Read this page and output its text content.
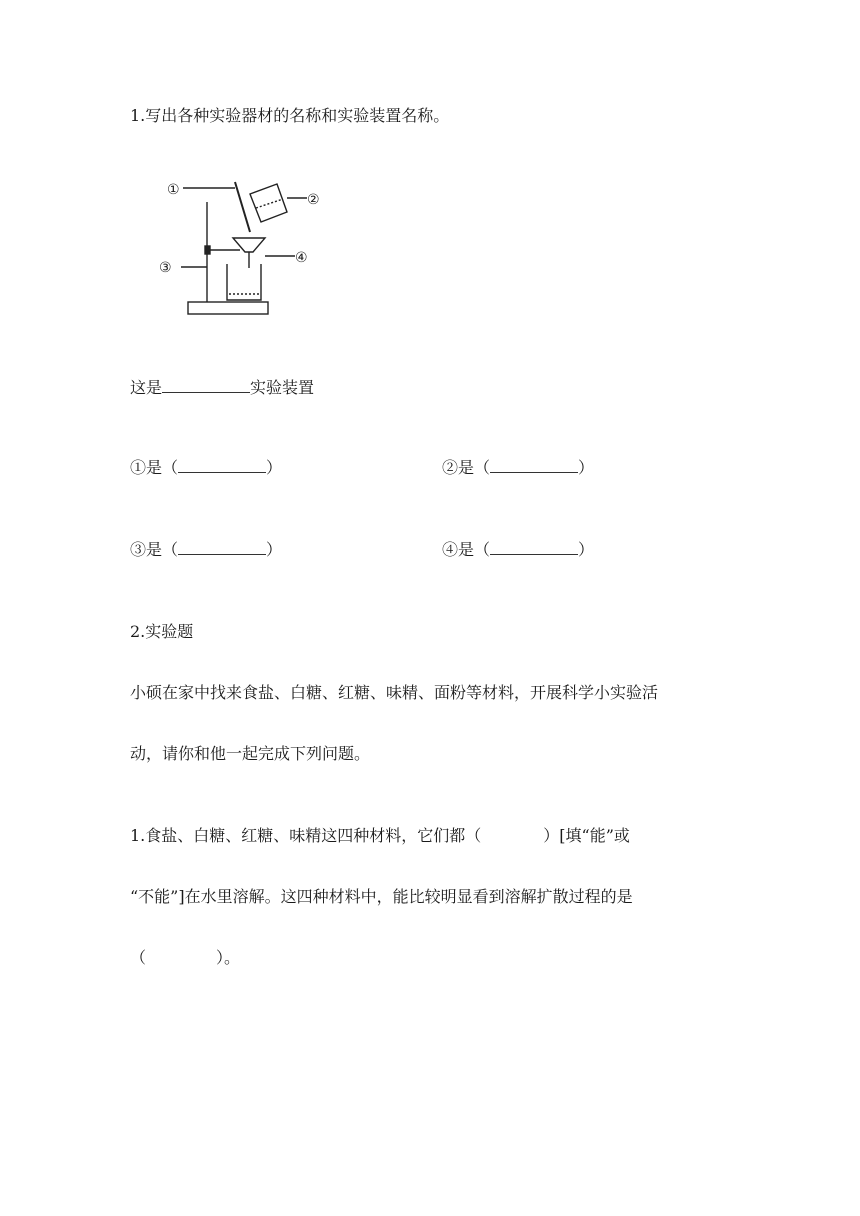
1.写出各种实验器材的名称和实验装置名称。
①
②
③
④
这是	实验装置
①是（	）	②是（	）
③是（	）	④是（	）
2.实验题
小硕在家中找来食盐、白糖、红糖、味精、面粉等材料，开展科学小实验活
动，请你和他一起完成下列问题。
1.食盐、白糖、红糖、味精这四种材料，它们都（	）[填“能”或
“不能”]在水里溶解。这四种材料中，能比较明显看到溶解扩散过程的是
（	）。
